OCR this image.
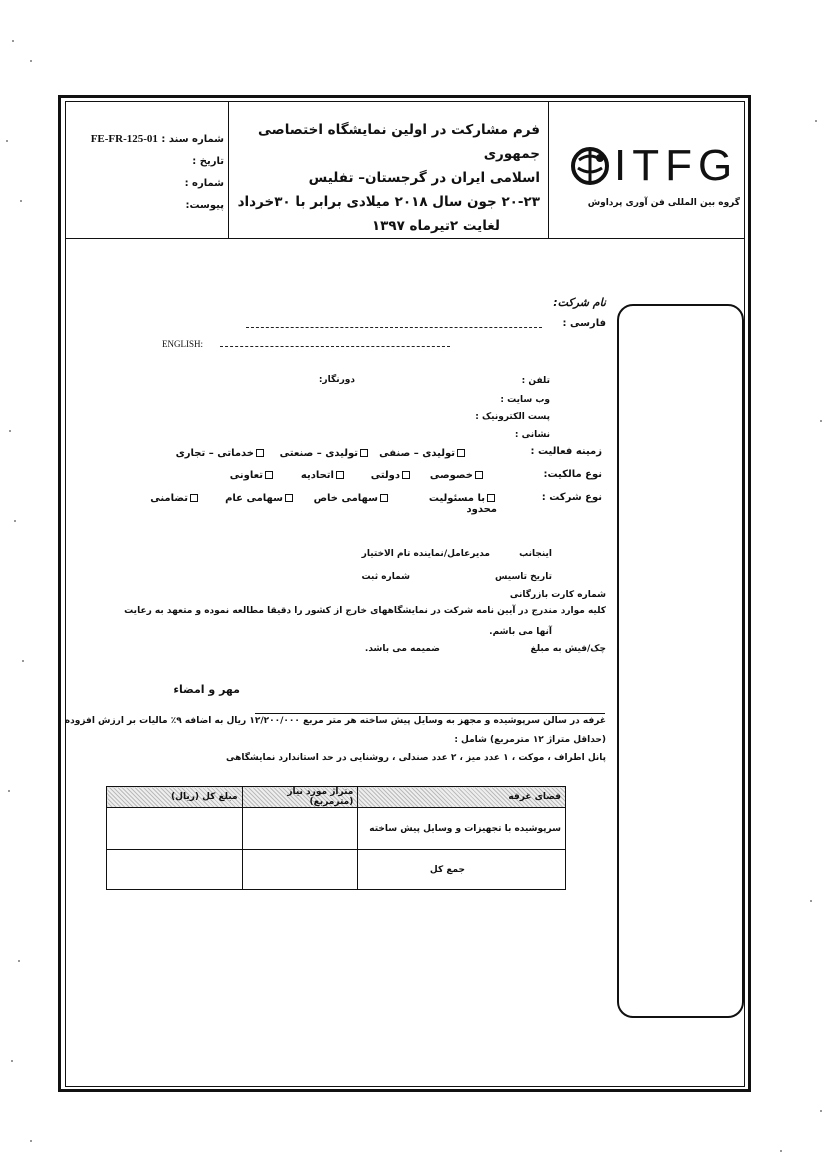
شماره سند : FE-FR-125-01
تاریخ :
شماره :
پیوست:
فرم مشارکت در اولین نمایشگاه اختصاصی جمهوری
اسلامی ایران در گرجستان– تفلیس
۲۰-۲۳ جون سال ۲۰۱۸ میلادی برابر با ۳۰خرداد
لغایت ۲تیرماه ۱۳۹۷
ITFG
گروه بین المللی فن آوری پرداوش
نام شرکت:
فارسی :
ENGLISH:
تلفن :
دورنگار:
وب سایت :
پست الکترونیک :
نشانی :
زمینه فعالیت :
تولیدی – صنفی
تولیدی – صنعتی
خدماتی – تجاری
نوع مالکیت:
خصوصی
دولتی
اتحادیه
تعاونی
نوع شرکت :
با مسئولیت محدود
سهامی خاص
سهامی عام
تضامنی
اینجانب
مدیرعامل/نماینده تام الاختیار
تاریخ تاسیس
شماره ثبت
شماره کارت بازرگانی
کلیه موارد مندرج در آیین نامه شرکت در نمایشگاههای خارج از کشور را دقیقا مطالعه نموده و متعهد به رعایت
آنها می باشم.
چک/فیش به مبلغ
ضمیمه می باشد.
مهر و امضاء
غرفه در سالن سرپوشیده و مجهز به وسایل پیش ساخته هر متر مربع ۱۲/۲۰۰/۰۰۰ ریال به اضافه ۹٪ مالیات بر ارزش افزوده
(حداقل متراژ ۱۲ مترمربع) شامل :
پانل اطراف ، موکت ، ۱ عدد میز ، ۲ عدد صندلی ، روشنایی در حد استاندارد نمایشگاهی
مبلغ کل (ریال)	متراژ مورد نیاز (مترمربع)	فضای غرفه
		سرپوشیده با تجهیزات و وسایل پیش ساخته
		جمع کل
